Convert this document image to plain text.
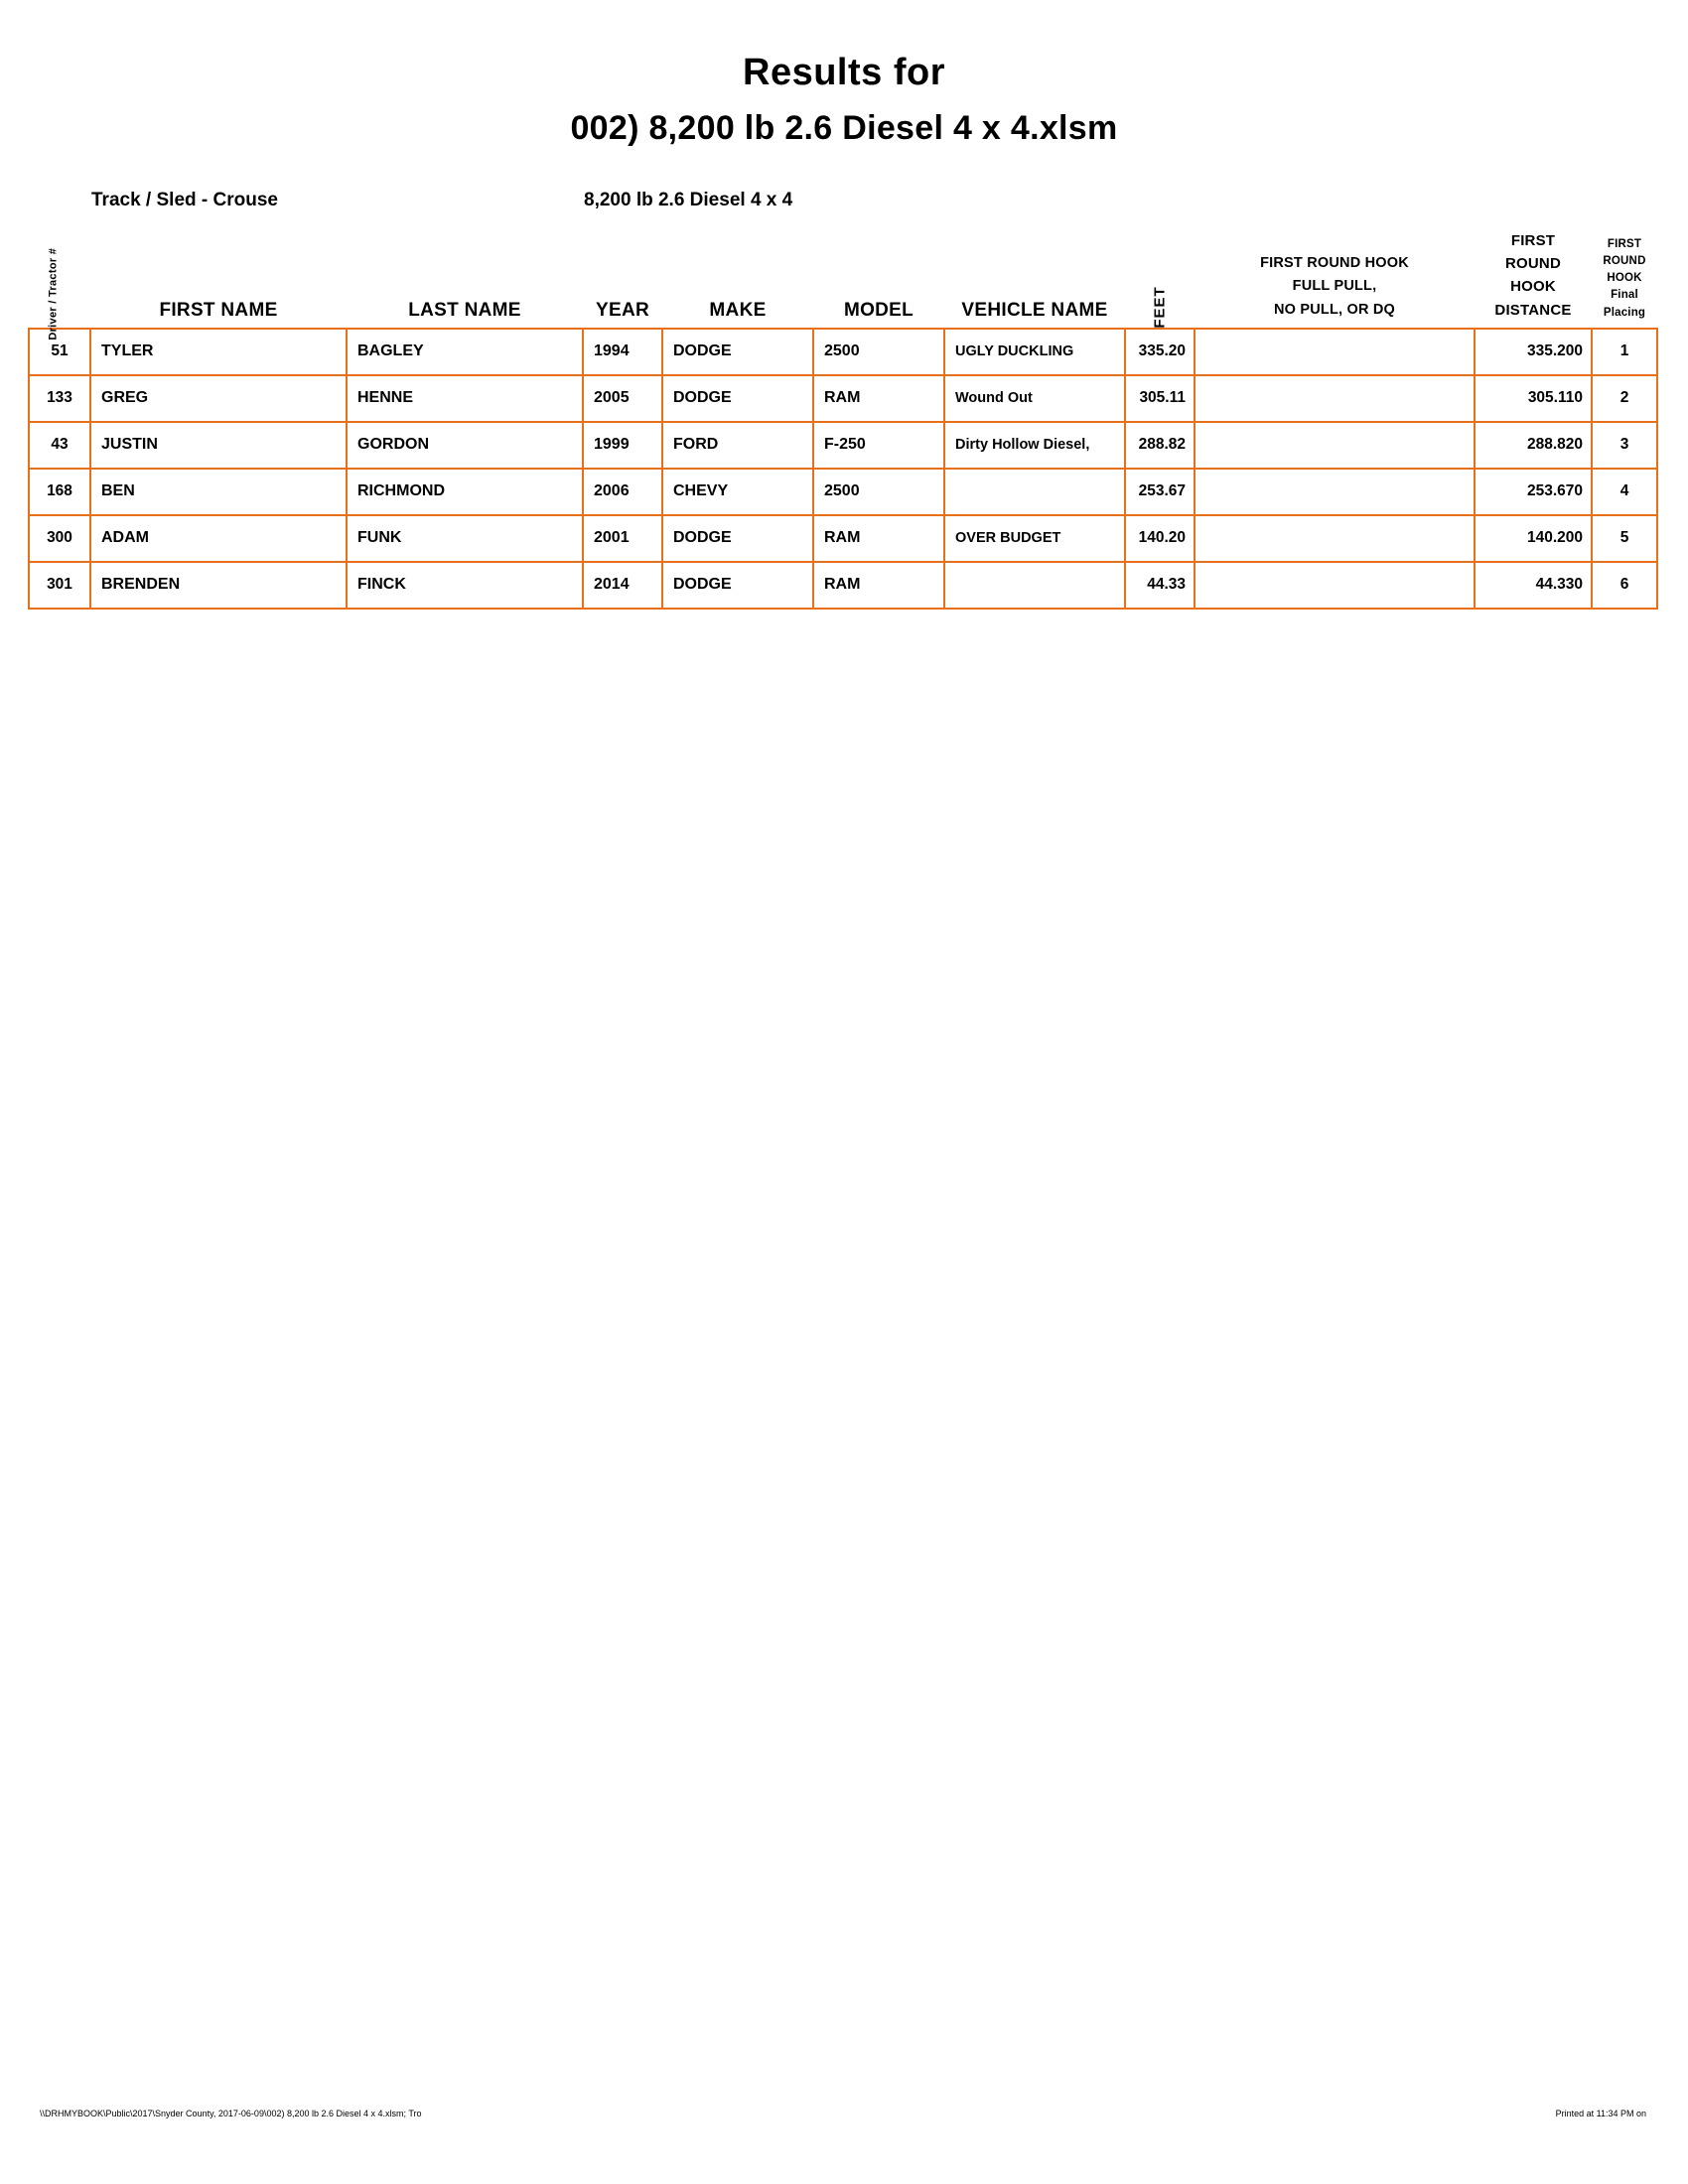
Results for
002) 8,200 lb 2.6 Diesel 4 x 4.xlsm
Track / Sled - Crouse	8,200 lb 2.6 Diesel 4 x 4
Driver / Tractor #	FIRST NAME	LAST NAME	YEAR	MAKE	MODEL	VEHICLE NAME	FEET	
FIRST ROUND HOOK
FULL PULL,
NO PULL, OR DQ

FIRST
ROUND
HOOK
DISTANCE

FIRST
ROUND
HOOK
Final
Placing

51	TYLER	BAGLEY	1994	DODGE	2500	UGLY DUCKLING	335.20		335.200	1
133	GREG	HENNE	2005	DODGE	RAM	Wound Out	305.11		305.110	2
43	JUSTIN	GORDON	1999	FORD	F-250	Dirty Hollow Diesel,	288.82		288.820	3
168	BEN	RICHMOND	2006	CHEVY	2500		253.67		253.670	4
300	ADAM	FUNK	2001	DODGE	RAM	OVER BUDGET	140.20		140.200	5
301	BRENDEN	FINCK	2014	DODGE	RAM		44.33		44.330	6
\\DRHMYBOOK\Public\2017\Snyder County, 2017-06-09\002) 8,200 lb 2.6 Diesel 4 x 4.xlsm; Tro	Printed at 11:34 PM on
